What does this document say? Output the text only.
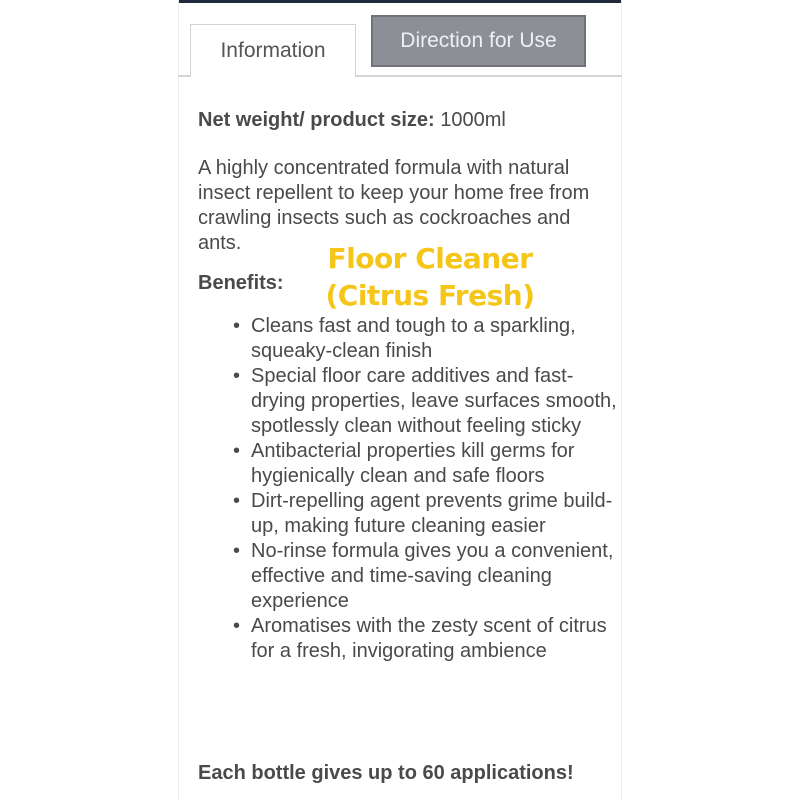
Direction for Use
Information

Net weight/ product size: 1000ml

A highly concentrated formula with natural insect repellent to keep your home free from crawling insects such as cockroaches and ants.

Benefits:

• Cleans fast and tough to a sparkling, squeaky-clean finish
• Special floor care additives and fast-drying properties, leave surfaces smooth, spotlessly clean without feeling sticky
• Antibacterial properties kill germs for hygienically clean and safe floors
• Dirt-repelling agent prevents grime build-up, making future cleaning easier
• No-rinse formula gives you a convenient, effective and time-saving cleaning experience
• Aromatises with the zesty scent of citrus for a fresh, invigorating ambience

Each bottle gives up to 60 applications!

Floor Cleaner
(Citrus Fresh)
